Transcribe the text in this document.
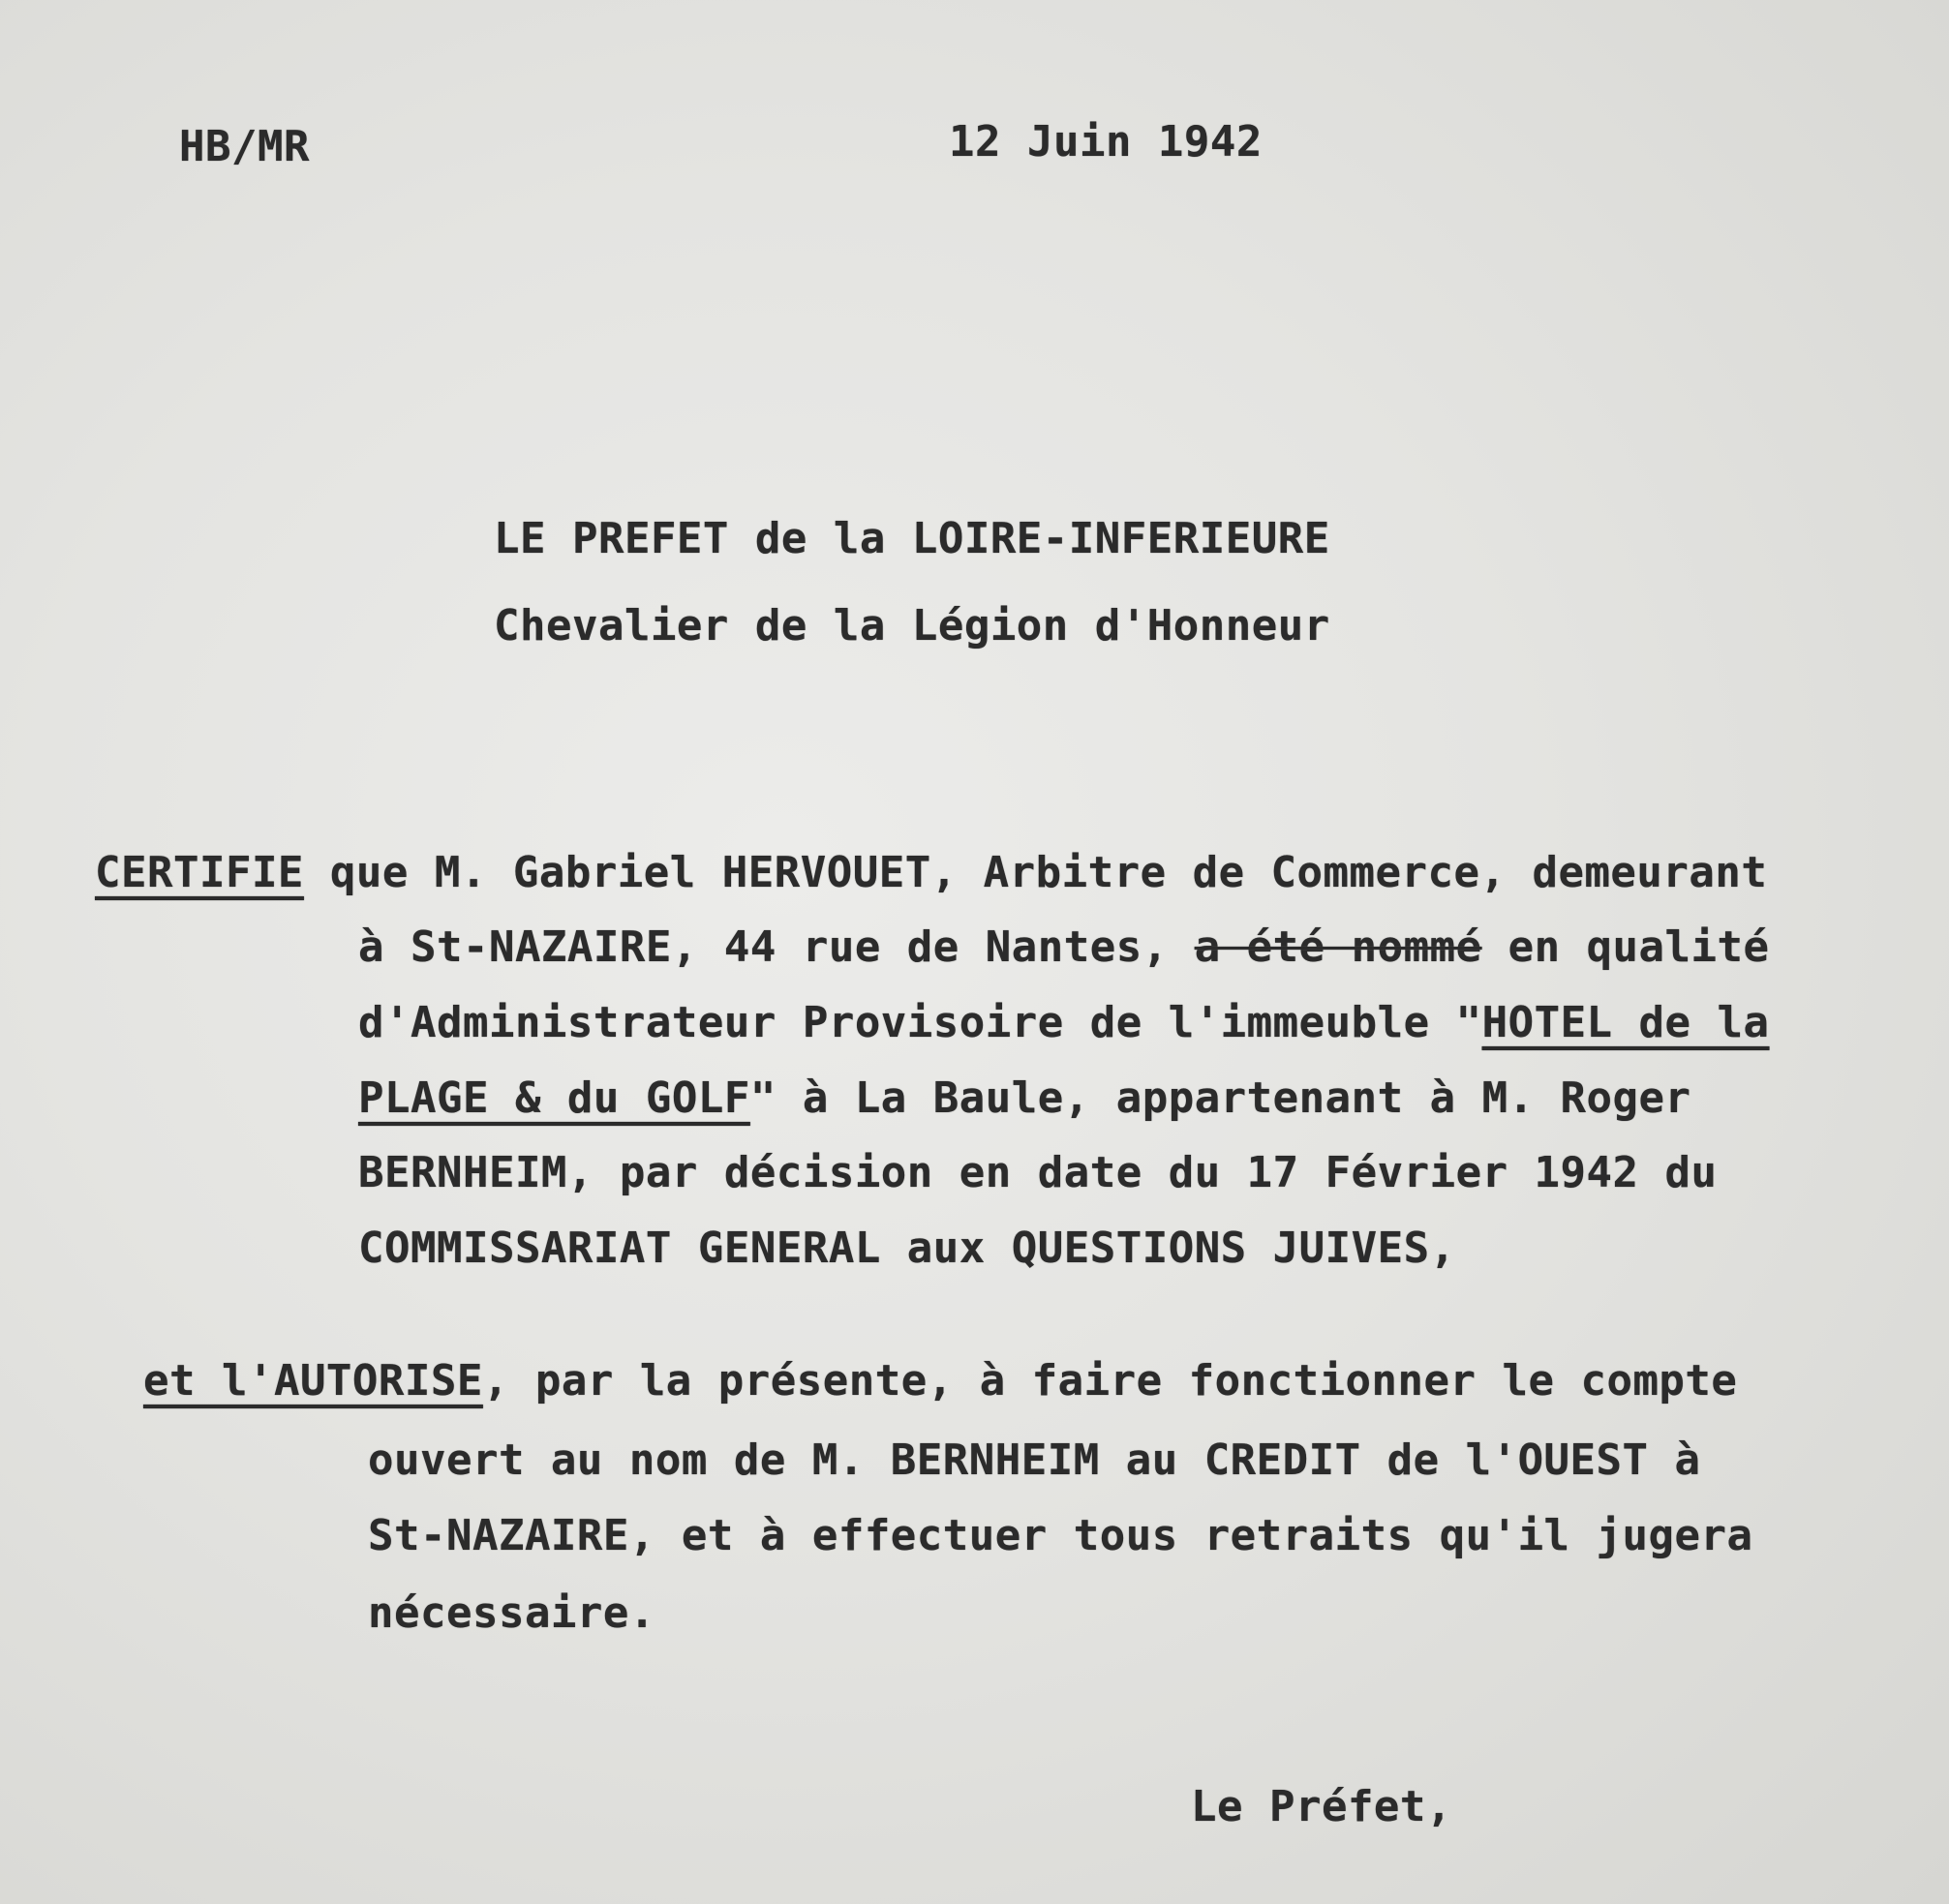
HB/MR	12 Juin 1942
LE PREFET de la LOIRE-INFERIEURE
Chevalier de la Légion d'Honneur
CERTIFIE que M. Gabriel HERVOUET, Arbitre de Commerce, demeurant
à St-NAZAIRE, 44 rue de Nantes, a été nommé en qualité
d'Administrateur Provisoire de l'immeuble "HOTEL de la
PLAGE & du GOLF" à La Baule, appartenant à M. Roger
BERNHEIM, par décision en date du 17 Février 1942 du
COMMISSARIAT GENERAL aux QUESTIONS JUIVES,
et l'AUTORISE, par la présente, à faire fonctionner le compte
ouvert au nom de M. BERNHEIM au CREDIT de l'OUEST à
St-NAZAIRE, et à effectuer tous retraits qu'il jugera
nécessaire.
Le Préfet,
